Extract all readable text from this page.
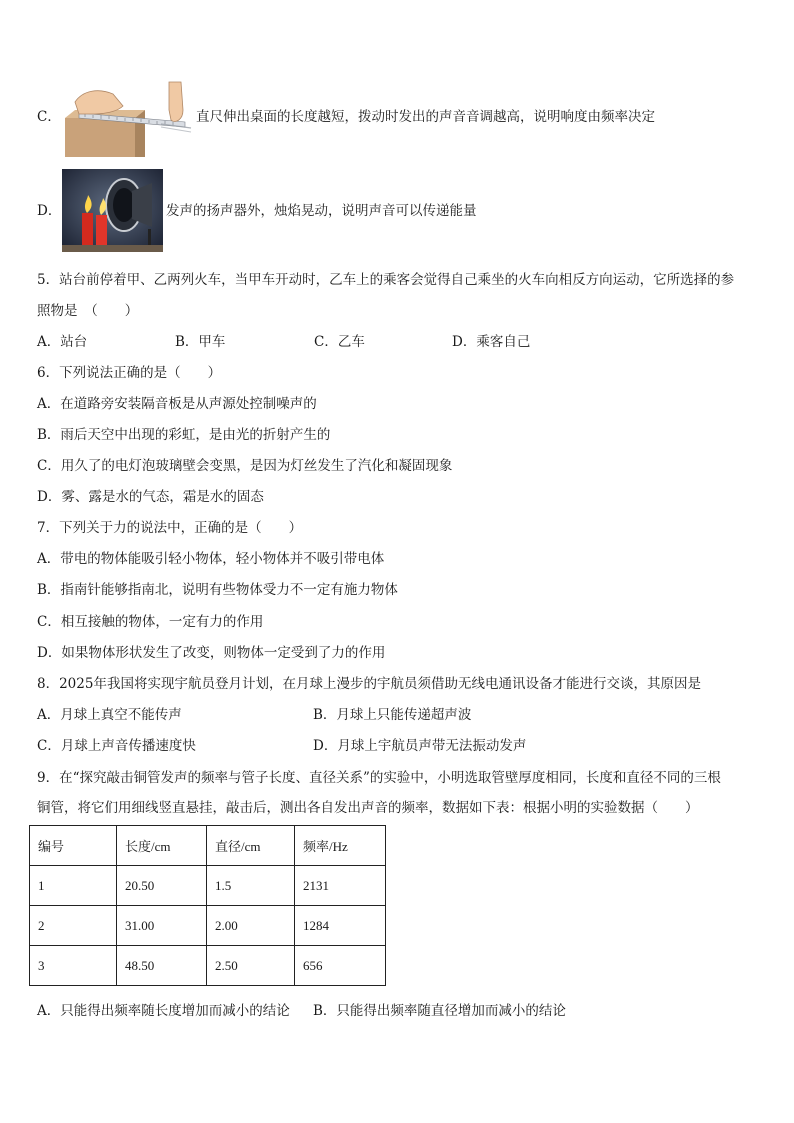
C．	直尺伸出桌面的长度越短，拨动时发出的声音音调越高，说明响度由频率决定
D．	发声的扬声器外，烛焰晃动，说明声音可以传递能量
5．站台前停着甲、乙两列火车，当甲车开动时，乙车上的乘客会觉得自己乘坐的火车向相反方向运动，它所选择的参
照物是　（　　）
A．站台	B．甲车	C．乙车	D．乘客自己
6．下列说法正确的是（　　）
A．在道路旁安装隔音板是从声源处控制噪声的
B．雨后天空中出现的彩虹，是由光的折射产生的
C．用久了的电灯泡玻璃壁会变黑，是因为灯丝发生了汽化和凝固现象
D．雾、露是水的气态，霜是水的固态
7．下列关于力的说法中，正确的是（　　）
A．带电的物体能吸引轻小物体，轻小物体并不吸引带电体
B．指南针能够指南北，说明有些物体受力不一定有施力物体
C．相互接触的物体，一定有力的作用
D．如果物体形状发生了改变，则物体一定受到了力的作用
8．2025年我国将实现宇航员登月计划，在月球上漫步的宇航员须借助无线电通讯设备才能进行交谈，其原因是
A．月球上真空不能传声	B．月球上只能传递超声波
C．月球上声音传播速度快	D．月球上宇航员声带无法振动发声
9．在“探究敲击铜管发声的频率与管子长度、直径关系”的实验中，小明选取管壁厚度相同，长度和直径不同的三根
铜管，将它们用细线竖直悬挂，敲击后，测出各自发出声音的频率，数据如下表：根据小明的实验数据（　　）
编号	长度/cm	直径/cm	频率/Hz
1	20.50	1.5	2131
2	31.00	2.00	1284
3	48.50	2.50	656
A．只能得出频率随长度增加而减小的结论 B．只能得出频率随直径增加而减小的结论
